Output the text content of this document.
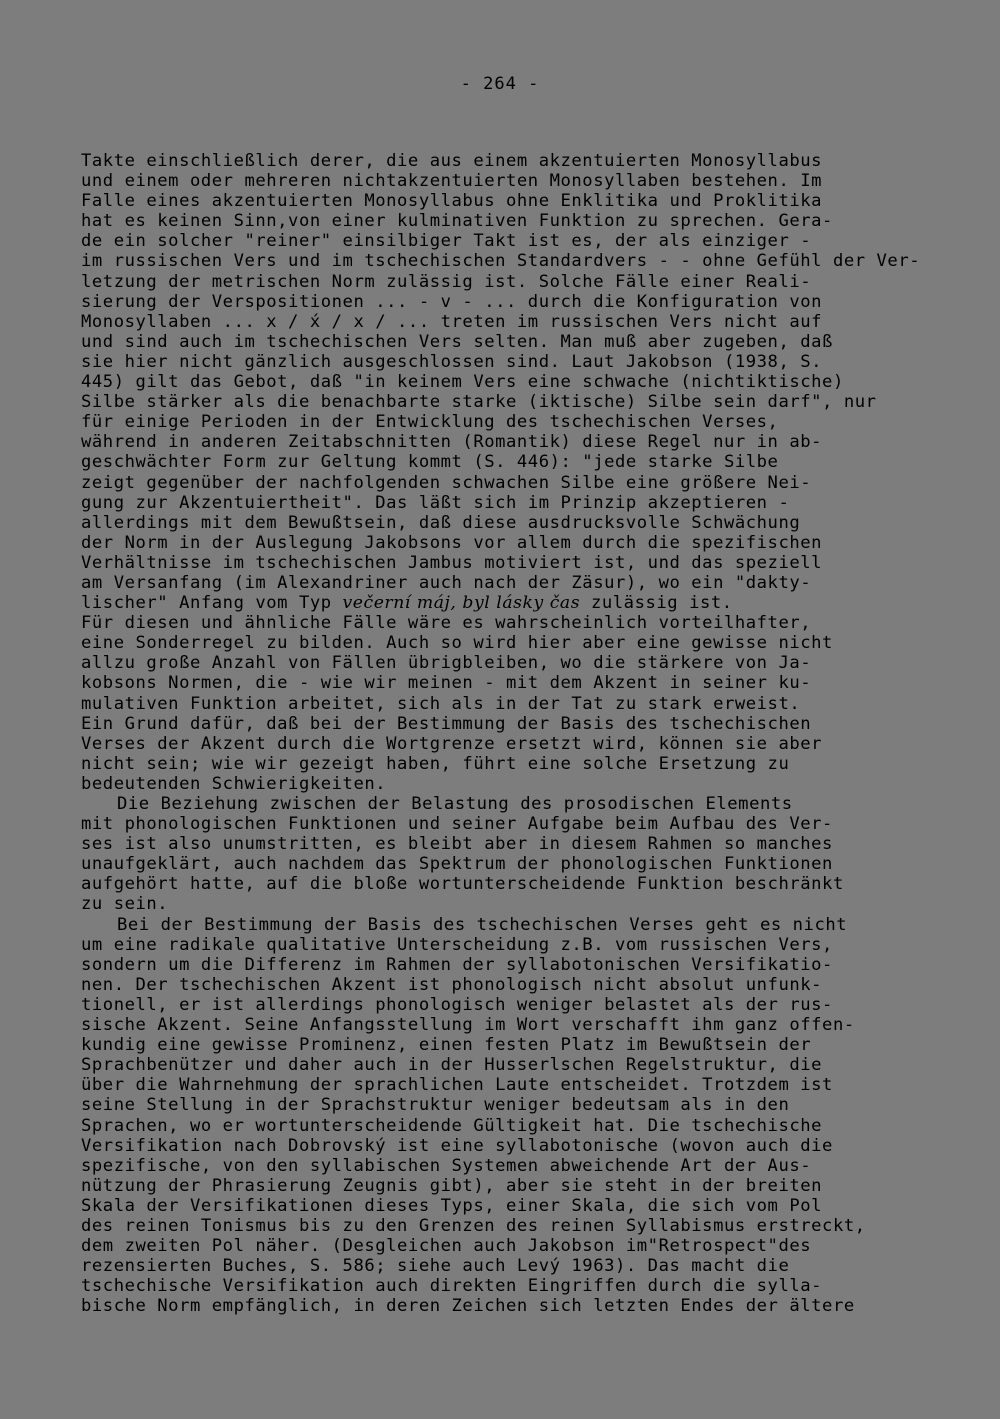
- 264 -
Takte einschließlich derer, die aus einem akzentuierten Monosyllabus
und einem oder mehreren nichtakzentuierten Monosyllaben bestehen. Im
Falle eines akzentuierten Monosyllabus ohne Enklitika und Proklitika
hat es keinen Sinn,von einer kulminativen Funktion zu sprechen. Gera-
de ein solcher "reiner" einsilbiger Takt ist es, der als einziger -
im russischen Vers und im tschechischen Standardvers - - ohne Gefühl der Ver-
letzung der metrischen Norm zulässig ist. Solche Fälle einer Reali-
sierung der Verspositionen ... - v - ... durch die Konfiguration von
Monosyllaben ... x / x́ / x / ... treten im russischen Vers nicht auf
und sind auch im tschechischen Vers selten. Man muß aber zugeben, daß
sie hier nicht gänzlich ausgeschlossen sind. Laut Jakobson (1938, S.
445) gilt das Gebot, daß "in keinem Vers eine schwache (nichtiktische)
Silbe stärker als die benachbarte starke (iktische) Silbe sein darf", nur
für einige Perioden in der Entwicklung des tschechischen Verses,
während in anderen Zeitabschnitten (Romantik) diese Regel nur in ab-
geschwächter Form zur Geltung kommt (S. 446): "jede starke Silbe
zeigt gegenüber der nachfolgenden schwachen Silbe eine größere Nei-
gung zur Akzentuiertheit". Das läßt sich im Prinzip akzeptieren -
allerdings mit dem Bewußtsein, daß diese ausdrucksvolle Schwächung
der Norm in der Auslegung Jakobsons vor allem durch die spezifischen
Verhältnisse im tschechischen Jambus motiviert ist, und das speziell
am Versanfang (im Alexandriner auch nach der Zäsur), wo ein "dakty-
lischer" Anfang vom Typ večerní máj, byl lásky čas zulässig ist.
Für diesen und ähnliche Fälle wäre es wahrscheinlich vorteilhafter,
eine Sonderregel zu bilden. Auch so wird hier aber eine gewisse nicht
allzu große Anzahl von Fällen übrigbleiben, wo die stärkere von Ja-
kobsons Normen, die - wie wir meinen - mit dem Akzent in seiner ku-
mulativen Funktion arbeitet, sich als in der Tat zu stark erweist.
Ein Grund dafür, daß bei der Bestimmung der Basis des tschechischen
Verses der Akzent durch die Wortgrenze ersetzt wird, können sie aber
nicht sein; wie wir gezeigt haben, führt eine solche Ersetzung zu
bedeutenden Schwierigkeiten.
Die Beziehung zwischen der Belastung des prosodischen Elements
mit phonologischen Funktionen und seiner Aufgabe beim Aufbau des Ver-
ses ist also unumstritten, es bleibt aber in diesem Rahmen so manches
unaufgeklärt, auch nachdem das Spektrum der phonologischen Funktionen
aufgehört hatte, auf die bloße wortunterscheidende Funktion beschränkt
zu sein.
Bei der Bestimmung der Basis des tschechischen Verses geht es nicht
um eine radikale qualitative Unterscheidung z.B. vom russischen Vers,
sondern um die Differenz im Rahmen der syllabotonischen Versifikatio-
nen. Der tschechischen Akzent ist phonologisch nicht absolut unfunk-
tionell, er ist allerdings phonologisch weniger belastet als der rus-
sische Akzent. Seine Anfangsstellung im Wort verschafft ihm ganz offen-
kundig eine gewisse Prominenz, einen festen Platz im Bewußtsein der
Sprachbenützer und daher auch in der Husserlschen Regelstruktur, die
über die Wahrnehmung der sprachlichen Laute entscheidet. Trotzdem ist
seine Stellung in der Sprachstruktur weniger bedeutsam als in den
Sprachen, wo er wortunterscheidende Gültigkeit hat. Die tschechische
Versifikation nach Dobrovský ist eine syllabotonische (wovon auch die
spezifische, von den syllabischen Systemen abweichende Art der Aus-
nützung der Phrasierung Zeugnis gibt), aber sie steht in der breiten
Skala der Versifikationen dieses Typs, einer Skala, die sich vom Pol
des reinen Tonismus bis zu den Grenzen des reinen Syllabismus erstreckt,
dem zweiten Pol näher. (Desgleichen auch Jakobson im"Retrospect"des
rezensierten Buches, S. 586; siehe auch Levý 1963). Das macht die
tschechische Versifikation auch direkten Eingriffen durch die sylla-
bische Norm empfänglich, in deren Zeichen sich letzten Endes der ältere
